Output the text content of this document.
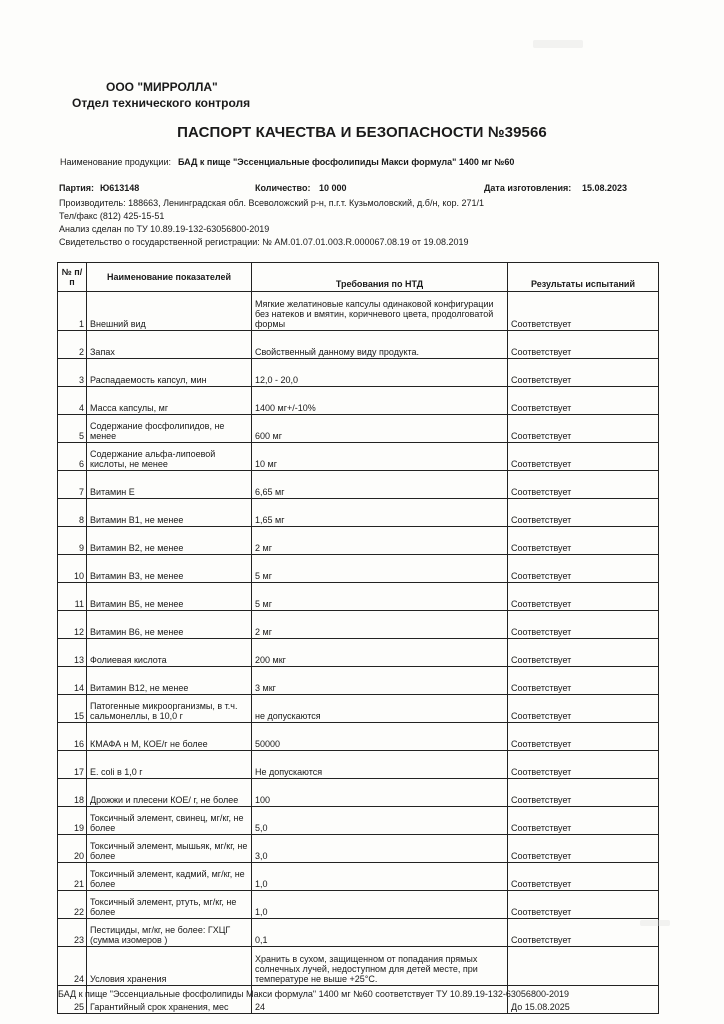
ООО "МИРРОЛЛА"
Отдел технического контроля
ПАСПОРТ КАЧЕСТВА И БЕЗОПАСНОСТИ №39566
Наименование продукции: БАД к пище "Эссенциальные фосфолипиды Макси формула" 1400 мг №60
Партия: Ю613148	Количество: 10 000	Дата изготовления: 15.08.2023
Производитель: 188663, Ленинградская обл. Всеволожский р-н, п.г.т. Кузьмоловский, д.б/н, кор. 271/1
Тел/факс (812) 425-15-51
Анализ сделан по ТУ 10.89.19-132-63056800-2019
Свидетельство о государственной регистрации: № AM.01.07.01.003.R.000067.08.19 от 19.08.2019
№ п/п	Наименование показателей	Требования по НТД	Результаты испытаний
1	Внешний вид	Мягкие желатиновые капсулы одинаковой конфигурации без натеков и вмятин, коричневого цвета, продолговатой формы	Соответствует
2	Запах	Свойственный данному виду продукта.	Соответствует
3	Распадаемость капсул, мин	12,0 - 20,0	Соответствует
4	Масса капсулы, мг	1400 мг+/-10%	Соответствует
5	Содержание фосфолипидов, не менее	600 мг	Соответствует
6	Содержание альфа-липоевой кислоты, не менее	10 мг	Соответствует
7	Витамин E	6,65 мг	Соответствует
8	Витамин B1, не менее	1,65 мг	Соответствует
9	Витамин B2, не менее	2 мг	Соответствует
10	Витамин B3, не менее	5 мг	Соответствует
11	Витамин B5, не менее	5 мг	Соответствует
12	Витамин B6, не менее	2 мг	Соответствует
13	Фолиевая кислота	200 мкг	Соответствует
14	Витамин B12, не менее	3 мкг	Соответствует
15	Патогенные микроорганизмы, в т.ч. сальмонеллы, в 10,0 г	не допускаются	Соответствует
16	КМАФА н М, КОЕ/г не более	50000	Соответствует
17	E. coli в 1,0 г	Не допускаются	Соответствует
18	Дрожжи и плесени КОЕ/ г, не более	100	Соответствует
19	Токсичный элемент, свинец, мг/кг, не более	5,0	Соответствует
20	Токсичный элемент, мышьяк, мг/кг, не более	3,0	Соответствует
21	Токсичный элемент, кадмий, мг/кг, не более	1,0	Соответствует
22	Токсичный элемент, ртуть, мг/кг, не более	1,0	Соответствует
23	Пестициды, мг/кг, не более: ГХЦГ (сумма изомеров )	0,1	Соответствует
24	Условия хранения	Хранить в сухом, защищенном от попадания прямых солнечных лучей, недоступном для детей месте, при температуре не выше +25°С.	
25	Гарантийный срок хранения, мес	24	До 15.08.2025
БАД к пище "Эссенциальные фосфолипиды Макси формула" 1400 мг №60 соответствует ТУ 10.89.19-132-63056800-2019
